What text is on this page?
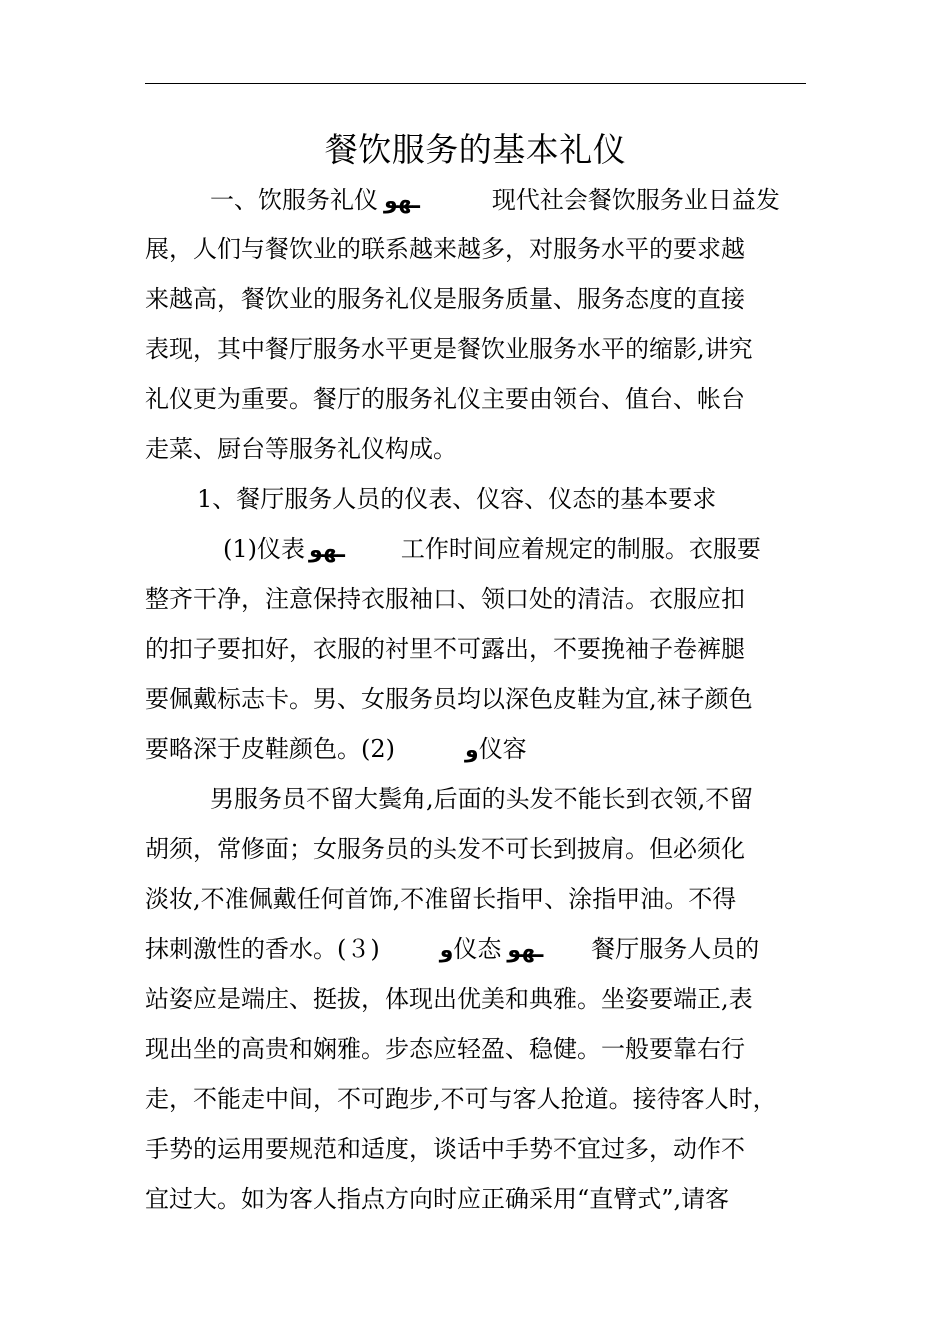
餐饮服务的基本礼仪
一、饮服务礼仪 ـهو	现代社会餐饮服务业日益发
展，人们与餐饮业的联系越来越多，对服务水平的要求越
来越高，餐饮业的服务礼仪是服务质量、服务态度的直接
表现，其中餐厅服务水平更是餐饮业服务水平的缩影,讲究
礼仪更为重要。餐厅的服务礼仪主要由领台、值台、帐台
走菜、厨台等服务礼仪构成。
1、餐厅服务人员的仪表、仪容、仪态的基本要求
(1)仪表 ـهو 工作时间应着规定的制服。衣服要
整齐干净，注意保持衣服袖口、领口处的清洁。衣服应扣
的扣子要扣好，衣服的衬里不可露出，不要挽袖子卷裤腿
要佩戴标志卡。男、女服务员均以深色皮鞋为宜,袜子颜色
要略深于皮鞋颜色。(2)	و仪容
男服务员不留大鬓角,后面的头发不能长到衣领,不留
胡须，常修面；女服务员的头发不可长到披肩。但必须化
淡妆,不准佩戴任何首饰,不准留长指甲、涂指甲油。不得
抹刺激性的香水。(３)	و仪态 ـهو 餐厅服务人员的
站姿应是端庄、挺拔，体现出优美和典雅。坐姿要端正,表
现出坐的高贵和娴雅。步态应轻盈、稳健。一般要靠右行
走，不能走中间，不可跑步,不可与客人抢道。接待客人时，
手势的运用要规范和适度，谈话中手势不宜过多，动作不
宜过大。如为客人指点方向时应正确采用“直臂式”,请客
